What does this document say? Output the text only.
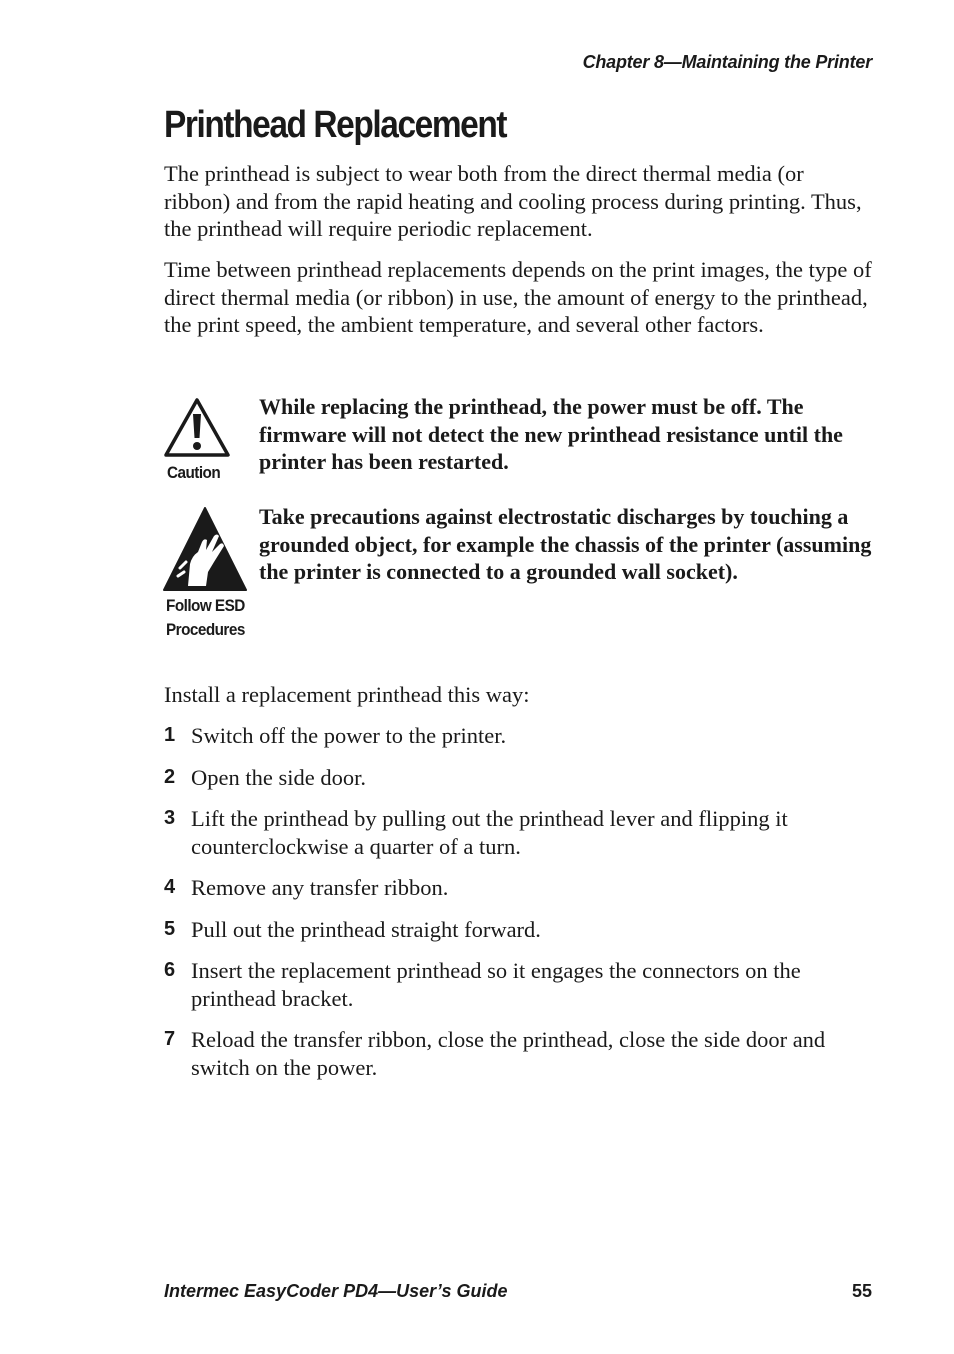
Chapter 8—Maintaining the Printer
Printhead Replacement

The printhead is subject to wear both from the direct thermal media (or ribbon) and from the rapid heating and cooling process during printing. Thus, the printhead will require periodic replacement.

Time between printhead replacements depends on the print images, the type of direct thermal media (or ribbon) in use, the amount of energy to the printhead, the print speed, the ambient temperature, and several other factors.

Caution

While replacing the printhead, the power must be off. The firmware will not detect the new printhead resistance until the printer has been restarted.

Follow ESD
Procedures

Take precautions against electrostatic discharges by touching a grounded object, for example the chassis of the printer (assuming the printer is connected to a grounded wall socket).

Install a replacement printhead this way:

1 Switch off the power to the printer.
2 Open the side door.
3 Lift the printhead by pulling out the printhead lever and flipping it counterclockwise a quarter of a turn.
4 Remove any transfer ribbon.
5 Pull out the printhead straight forward.
6 Insert the replacement printhead so it engages the connectors on the printhead bracket.
7 Reload the transfer ribbon, close the printhead, close the side door and switch on the power.
Intermec EasyCoder PD4—User’s Guide	55
